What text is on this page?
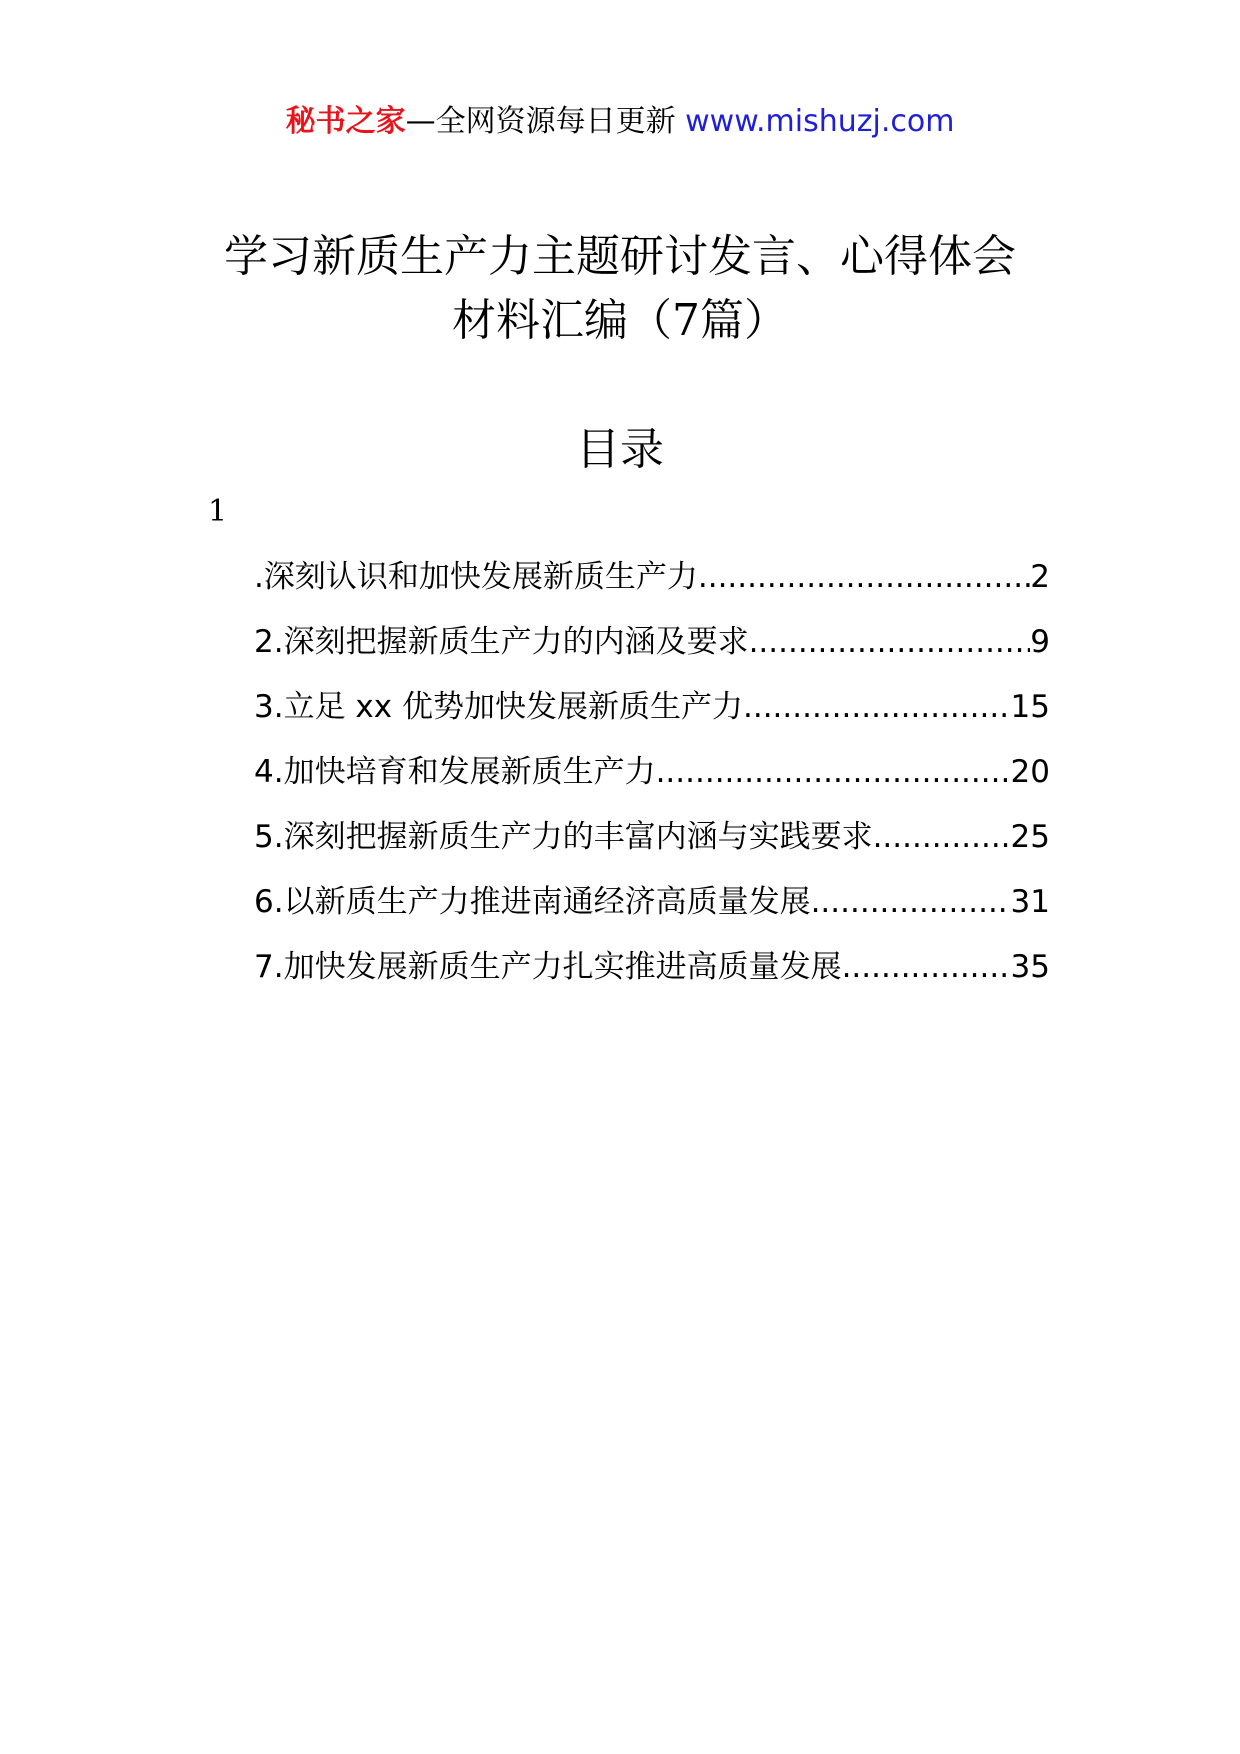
秘书之家—全网资源每日更新 www.mishuzj.com
学习新质生产力主题研讨发言、心得体会
材料汇编（7篇）
目录
1
.深刻认识和加快发展新质生产力 .....	2
2.深刻把握新质生产力的内涵及要求 .....	9
3.立足 xx 优势加快发展新质生产力 .....	15
4.加快培育和发展新质生产力 .....	20
5.深刻把握新质生产力的丰富内涵与实践要求 .....	25
6.以新质生产力推进南通经济高质量发展 .....	31
7.加快发展新质生产力扎实推进高质量发展 .....	35
